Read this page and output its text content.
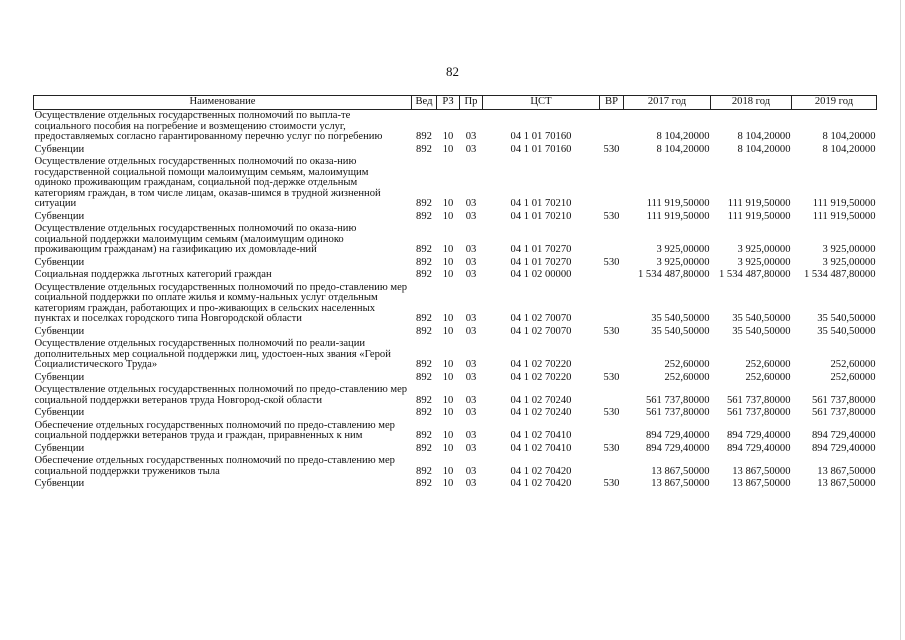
82
Наименование	Вед	РЗ	Пр	ЦСТ	ВР	2017 год	2018 год	2019 год
Осуществление отдельных государственных полномочий по выпла-те социального пособия на погребение и возмещению стоимости услуг, предоставляемых согласно гарантированному перечню услуг по погребению	892	10	03	04 1 01 70160		8 104,20000	8 104,20000	8 104,20000
Субвенции	892	10	03	04 1 01 70160	530	8 104,20000	8 104,20000	8 104,20000
Осуществление отдельных государственных полномочий по оказа-нию государственной социальной помощи малоимущим семьям, малоимущим одиноко проживающим гражданам, социальной под-держке отдельным категориям граждан, в том числе лицам, оказав-шимся в трудной жизненной ситуации	892	10	03	04 1 01 70210		111 919,50000	111 919,50000	111 919,50000
Субвенции	892	10	03	04 1 01 70210	530	111 919,50000	111 919,50000	111 919,50000
Осуществление отдельных государственных полномочий по оказа-нию социальной поддержки малоимущим семьям (малоимущим одиноко проживающим гражданам) на газификацию их домовладе-ний	892	10	03	04 1 01 70270		3 925,00000	3 925,00000	3 925,00000
Субвенции	892	10	03	04 1 01 70270	530	3 925,00000	3 925,00000	3 925,00000
Социальная поддержка льготных категорий граждан	892	10	03	04 1 02 00000		1 534 487,80000	1 534 487,80000	1 534 487,80000
Осуществление отдельных государственных полномочий по предо-ставлению мер социальной поддержки по оплате жилья и комму-нальных услуг отдельным категориям граждан, работающих и про-живающих в сельских населенных пунктах и поселках городского типа Новгородской области	892	10	03	04 1 02 70070		35 540,50000	35 540,50000	35 540,50000
Субвенции	892	10	03	04 1 02 70070	530	35 540,50000	35 540,50000	35 540,50000
Осуществление отдельных государственных полномочий по реали-зации дополнительных мер социальной поддержки лиц, удостоен-ных звания «Герой Социалистического Труда»	892	10	03	04 1 02 70220		252,60000	252,60000	252,60000
Субвенции	892	10	03	04 1 02 70220	530	252,60000	252,60000	252,60000
Осуществление отдельных государственных полномочий по предо-ставлению мер социальной поддержки ветеранов труда Новгород-ской области	892	10	03	04 1 02 70240		561 737,80000	561 737,80000	561 737,80000
Субвенции	892	10	03	04 1 02 70240	530	561 737,80000	561 737,80000	561 737,80000
Обеспечение отдельных государственных полномочий по предо-ставлению мер социальной поддержки ветеранов труда и граждан, приравненных к ним	892	10	03	04 1 02 70410		894 729,40000	894 729,40000	894 729,40000
Субвенции	892	10	03	04 1 02 70410	530	894 729,40000	894 729,40000	894 729,40000
Обеспечение отдельных государственных полномочий по предо-ставлению мер социальной поддержки тружеников тыла	892	10	03	04 1 02 70420		13 867,50000	13 867,50000	13 867,50000
Субвенции	892	10	03	04 1 02 70420	530	13 867,50000	13 867,50000	13 867,50000
